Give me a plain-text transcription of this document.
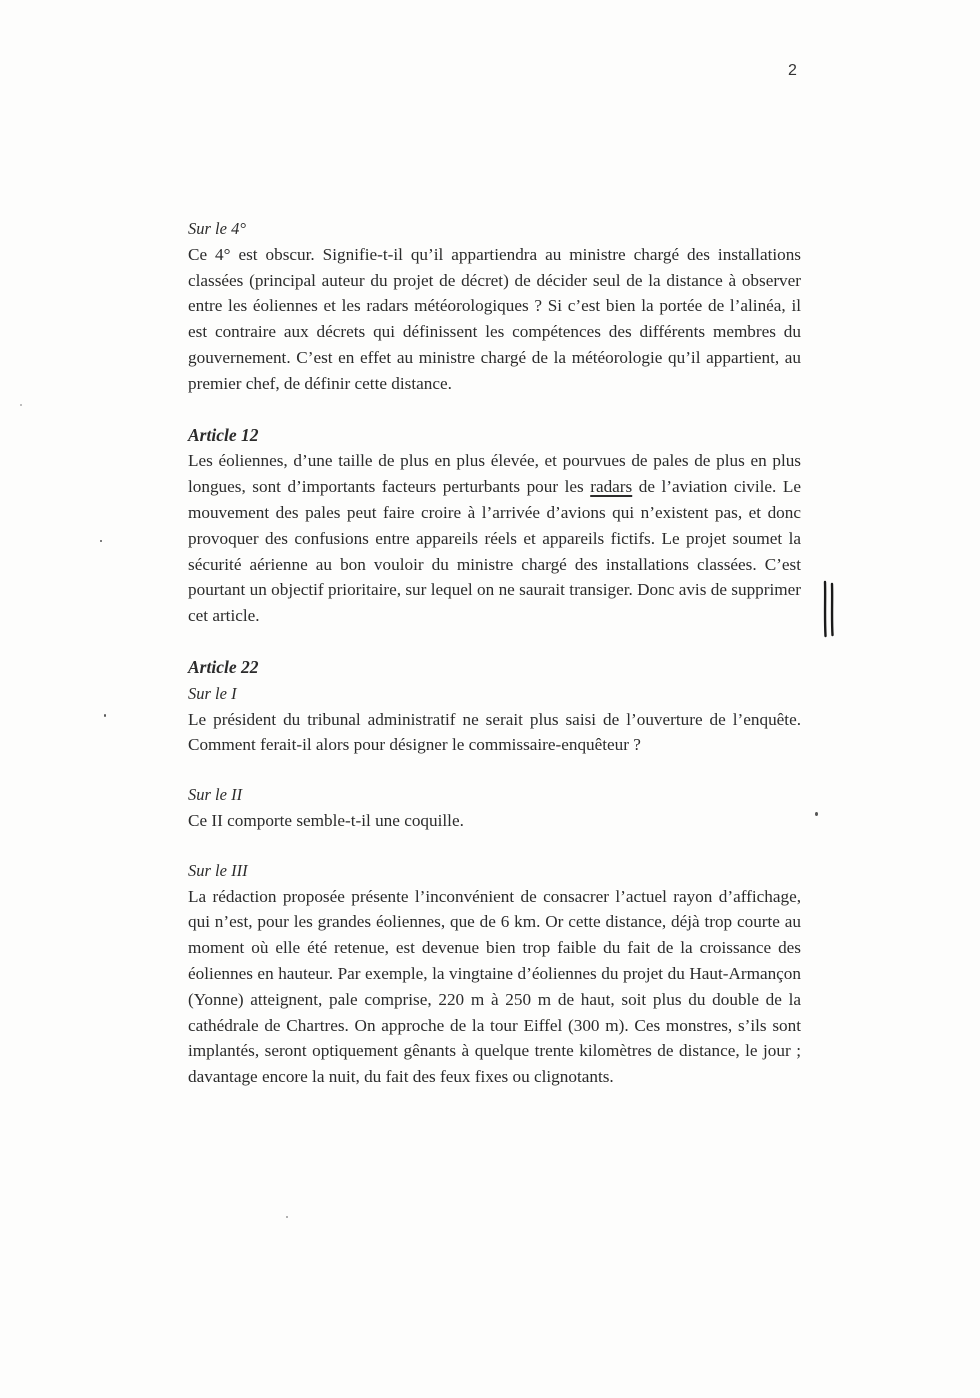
2

Sur le 4°

Ce 4° est obscur. Signifie-t-il qu’il appartiendra au ministre chargé des installations classées (principal auteur du projet de décret) de décider seul de la distance à observer entre les éoliennes et les radars météorologiques ? Si c’est bien la portée de l’alinéa, il est contraire aux décrets qui définissent les compétences des différents membres du gouvernement. C’est en effet au ministre chargé de la météorologie qu’il appartient, au premier chef, de définir cette distance.

Article 12

Les éoliennes, d’une taille de plus en plus élevée, et pourvues de pales de plus en plus longues, sont d’importants facteurs perturbants pour les radars de l’aviation civile. Le mouvement des pales peut faire croire à l’arrivée d’avions qui n’existent pas, et donc provoquer des confusions entre appareils réels et appareils fictifs. Le projet soumet la sécurité aérienne au bon vouloir du ministre chargé des installations classées. C’est pourtant un objectif prioritaire, sur lequel on ne saurait transiger. Donc avis de supprimer cet article.

Article 22

Sur le I

Le président du tribunal administratif ne serait plus saisi de l’ouverture de l’enquête. Comment ferait-il alors pour désigner le commissaire-enquêteur ?

Sur le II

Ce II comporte semble-t-il une coquille.

Sur le III

La rédaction proposée présente l’inconvénient de consacrer l’actuel rayon d’affichage, qui n’est, pour les grandes éoliennes, que de 6 km. Or cette distance, déjà trop courte au moment où elle été retenue, est devenue bien trop faible du fait de la croissance des éoliennes en hauteur. Par exemple, la vingtaine d’éoliennes du projet du Haut-Armançon (Yonne) atteignent, pale comprise, 220 m à 250 m de haut, soit plus du double de la cathédrale de Chartres. On approche de la tour Eiffel (300 m). Ces monstres, s’ils sont implantés, seront optiquement gênants à quelque trente kilomètres de distance, le jour ; davantage encore la nuit, du fait des feux fixes ou clignotants.
